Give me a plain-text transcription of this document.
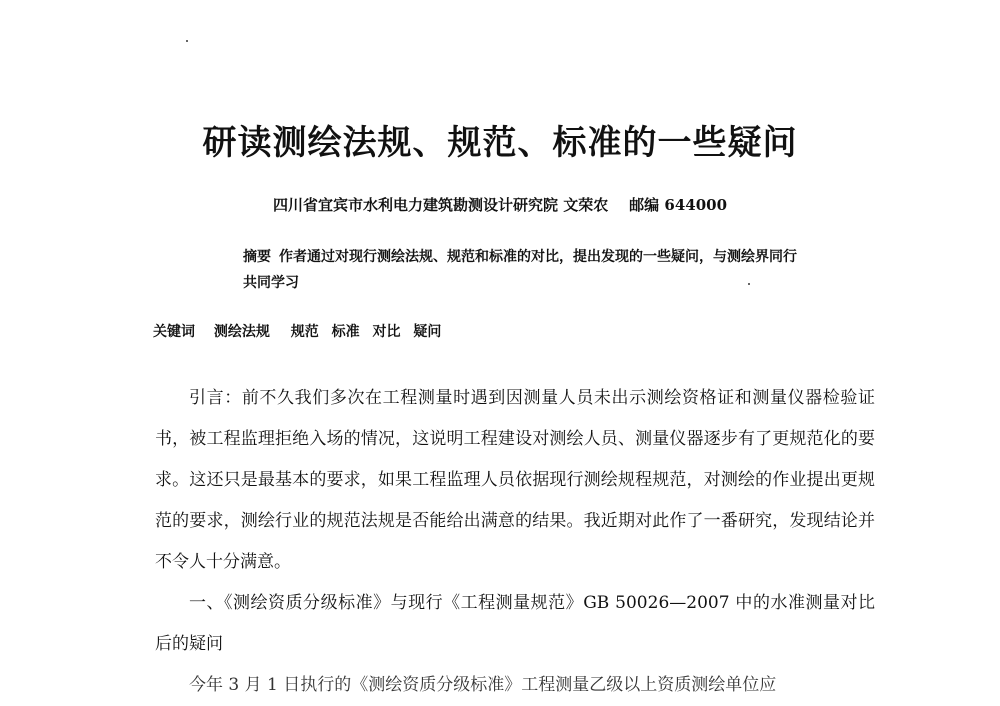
研读测绘法规、规范、标准的一些疑问
四川省宜宾市水利电力建筑勘测设计研究院 文荣农 邮编 644000
摘要 作者通过对现行测绘法规、规范和标准的对比，提出发现的一些疑问，与测绘界同行共同学习
关键词 测绘法规 规范 标准 对比 疑问

引言：前不久我们多次在工程测量时遇到因测量人员未出示测绘资格证和测量仪器检验证书，被工程监理拒绝入场的情况，这说明工程建设对测绘人员、测量仪器逐步有了更规范化的要求。这还只是最基本的要求，如果工程监理人员依据现行测绘规程规范，对测绘的作业提出更规范的要求，测绘行业的规范法规是否能给出满意的结果。我近期对此作了一番研究，发现结论并不令人十分满意。

一、《测绘资质分级标准》与现行《工程测量规范》GB 50026—2007 中的水准测量对比后的疑问

今年 3 月 1 日执行的《测绘资质分级标准》工程测量乙级以上资质测绘单位应
